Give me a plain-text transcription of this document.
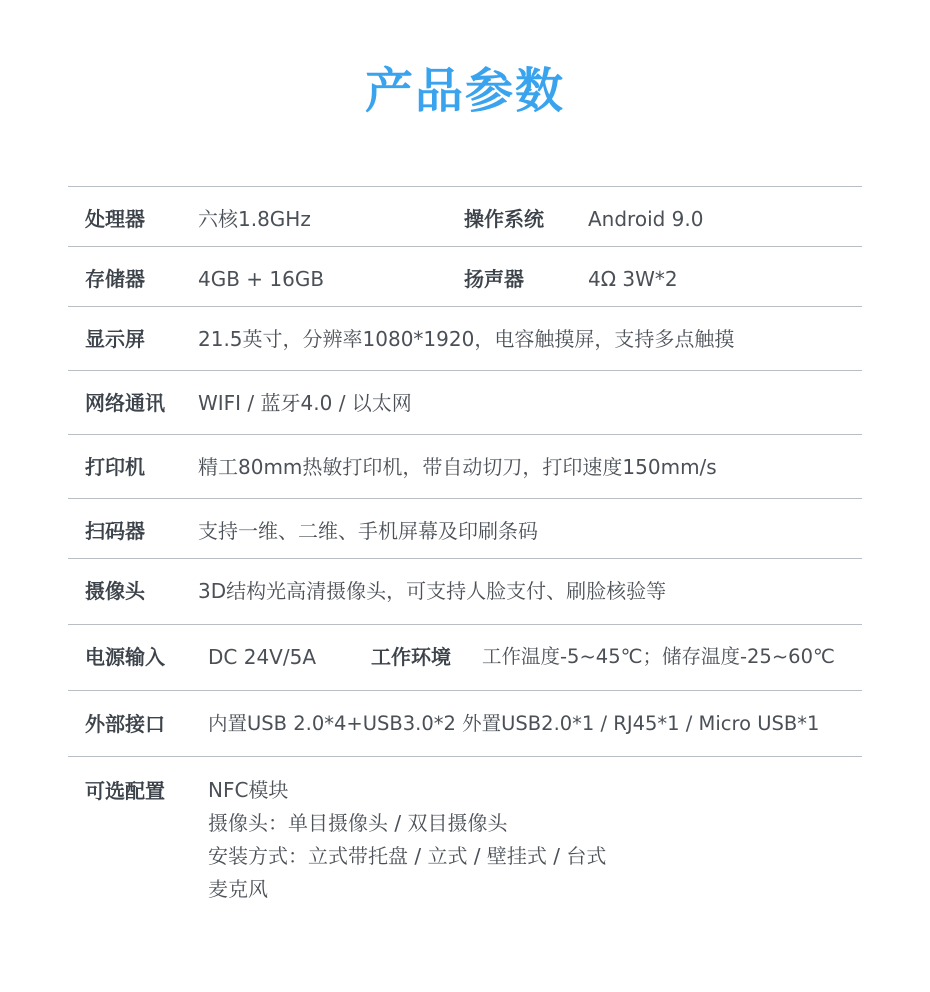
产品参数
处理器	六核1.8GHz	操作系统 Android 9.0
存储器	4GB + 16GB	扬声器	4Ω 3W*2
显示屏	21.5英寸，分辨率1080*1920，电容触摸屏，支持多点触摸
网络通讯 WIFI / 蓝牙4.0 / 以太网
打印机	精工80mm热敏打印机，带自动切刀，打印速度150mm/s
扫码器	支持一维、二维、手机屏幕及印刷条码
摄像头	3D结构光高清摄像头，可支持人脸支付、刷脸核验等
电源输入 DC 24V/5A	工作环境 工作温度-5~45℃；储存温度-25~60℃
外部接口 内置USB 2.0*4+USB3.0*2 外置USB2.0*1 / RJ45*1 / Micro USB*1
可选配置 NFC模块
摄像头：单目摄像头 / 双目摄像头
安装方式：立式带托盘 / 立式 / 壁挂式 / 台式
麦克风
